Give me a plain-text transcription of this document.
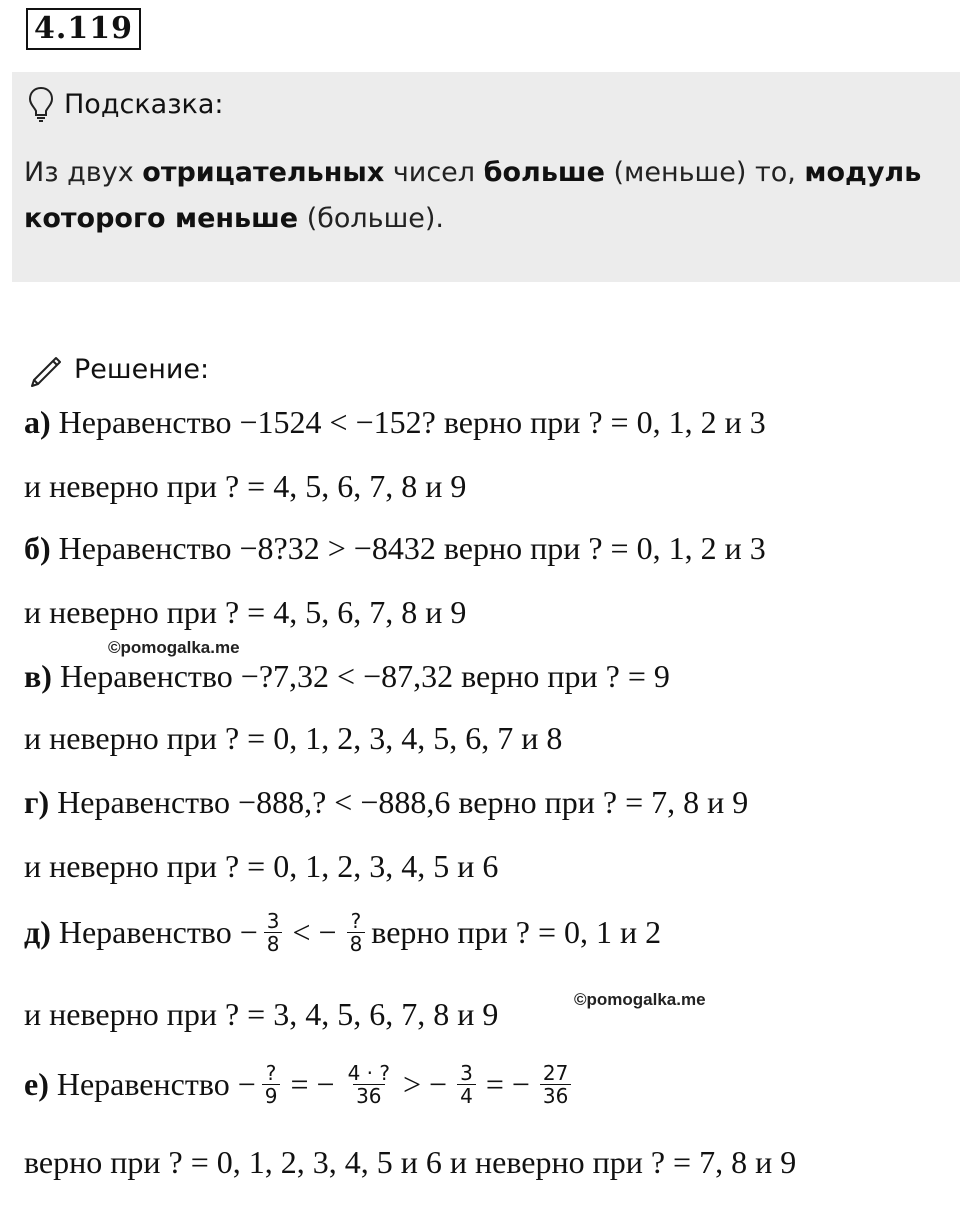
4.119
Подсказка:
Из двух отрицательных чисел больше (меньше) то, модуль
которого меньше (больше).
Решение:
а) Неравенство −1524 < −152? верно при ? = 0, 1, 2 и 3
и неверно при ? = 4, 5, 6, 7, 8 и 9
б) Неравенство −8?32 > −8432 верно при ? = 0, 1, 2 и 3
и неверно при ? = 4, 5, 6, 7, 8 и 9
©pomogalka.me
в) Неравенство −?7,32 < −87,32 верно при ? = 9
и неверно при ? = 0, 1, 2, 3, 4, 5, 6, 7 и 8
г) Неравенство −888,? < −888,6 верно при ? = 7, 8 и 9
и неверно при ? = 0, 1, 2, 3, 4, 5 и 6
д) Неравенство − $\frac{3}{8}$ < − $\frac{?}{8}$ верно при ? = 0, 1 и 2
и неверно при ? = 3, 4, 5, 6, 7, 8 и 9	©pomogalka.me
е) Неравенство − $\frac{?}{9}$ = − $\frac{4 \cdot ?}{36}$ > − $\frac{3}{4}$ = − $\frac{27}{36}$
верно при ? = 0, 1, 2, 3, 4, 5 и 6 и неверно при ? = 7, 8 и 9
